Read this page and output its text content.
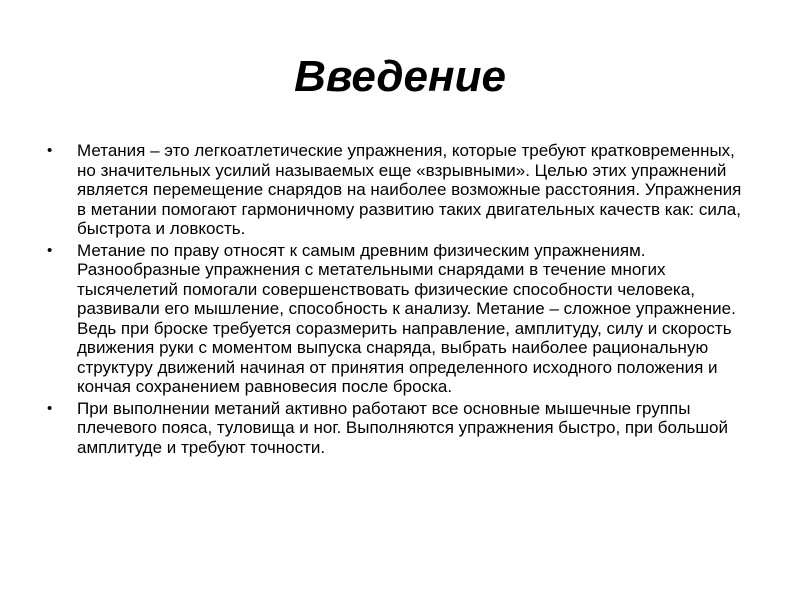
Введение
•	Метания – это легкоатлетические упражнения, которые требуют кратковременных, но значительных усилий называемых еще «взрывными». Целью этих упражнений является перемещение снарядов на наиболее возможные расстояния. Упражнения в метании помогают гармоничному развитию таких двигательных качеств как: сила, быстрота и ловкость.
•	Метание по праву относят к самым древним физическим упражнениям. Разнообразные упражнения с метательными снарядами в течение многих тысячелетий помогали совершенствовать физические способности человека, развивали его мышление, способность к анализу. Метание – сложное упражнение. Ведь при броске требуется соразмерить направление, амплитуду, силу и скорость движения руки с моментом выпуска снаряда, выбрать наиболее рациональную структуру движений начиная от принятия определенного исходного положения и кончая сохранением равновесия после броска.
•	При выполнении метаний активно работают все основные мышечные группы плечевого пояса, туловища и ног. Выполняются упражнения быстро, при большой амплитуде и требуют точности.
